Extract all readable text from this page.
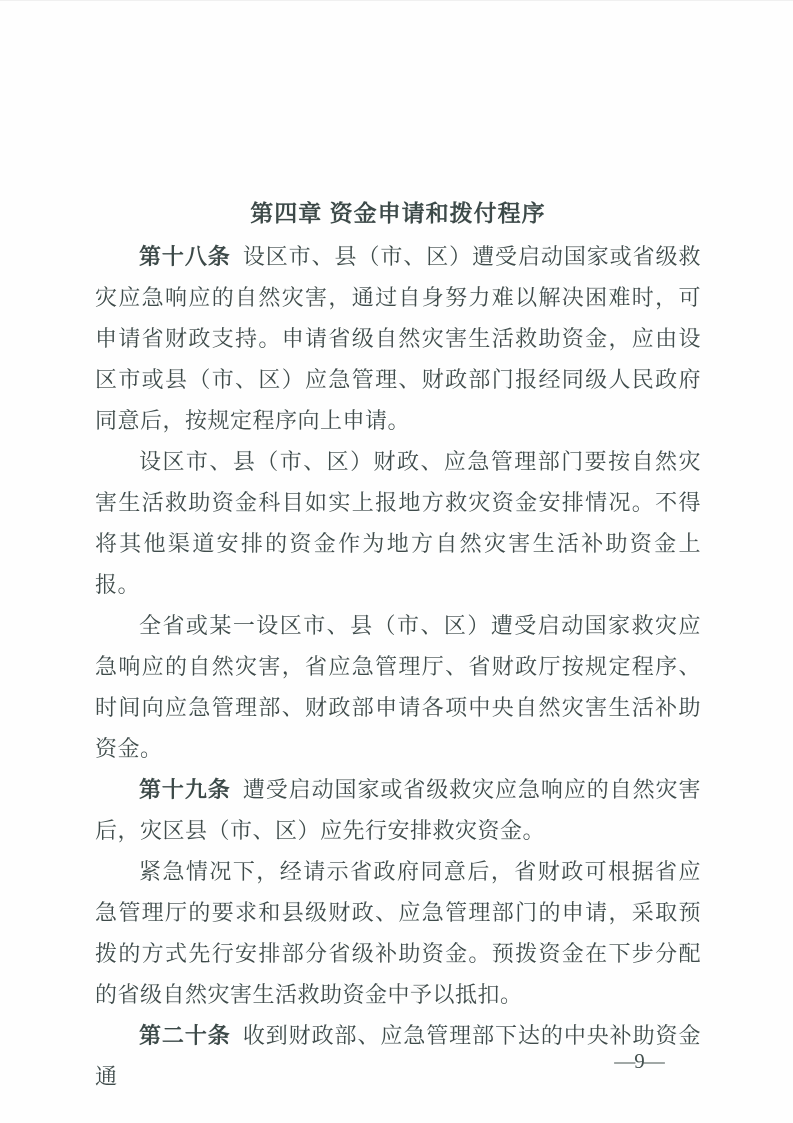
第四章 资金申请和拨付程序

第十八条 设区市、县（市、区）遭受启动国家或省级救灾应急响应的自然灾害，通过自身努力难以解决困难时，可申请省财政支持。申请省级自然灾害生活救助资金，应由设区市或县（市、区）应急管理、财政部门报经同级人民政府同意后，按规定程序向上申请。

设区市、县（市、区）财政、应急管理部门要按自然灾害生活救助资金科目如实上报地方救灾资金安排情况。不得将其他渠道安排的资金作为地方自然灾害生活补助资金上报。

全省或某一设区市、县（市、区）遭受启动国家救灾应急响应的自然灾害，省应急管理厅、省财政厅按规定程序、时间向应急管理部、财政部申请各项中央自然灾害生活补助资金。

第十九条 遭受启动国家或省级救灾应急响应的自然灾害后，灾区县（市、区）应先行安排救灾资金。

紧急情况下，经请示省政府同意后，省财政可根据省应急管理厅的要求和县级财政、应急管理部门的申请，采取预拨的方式先行安排部分省级补助资金。预拨资金在下步分配的省级自然灾害生活救助资金中予以抵扣。

第二十条 收到财政部、应急管理部下达的中央补助资金通

—9—
